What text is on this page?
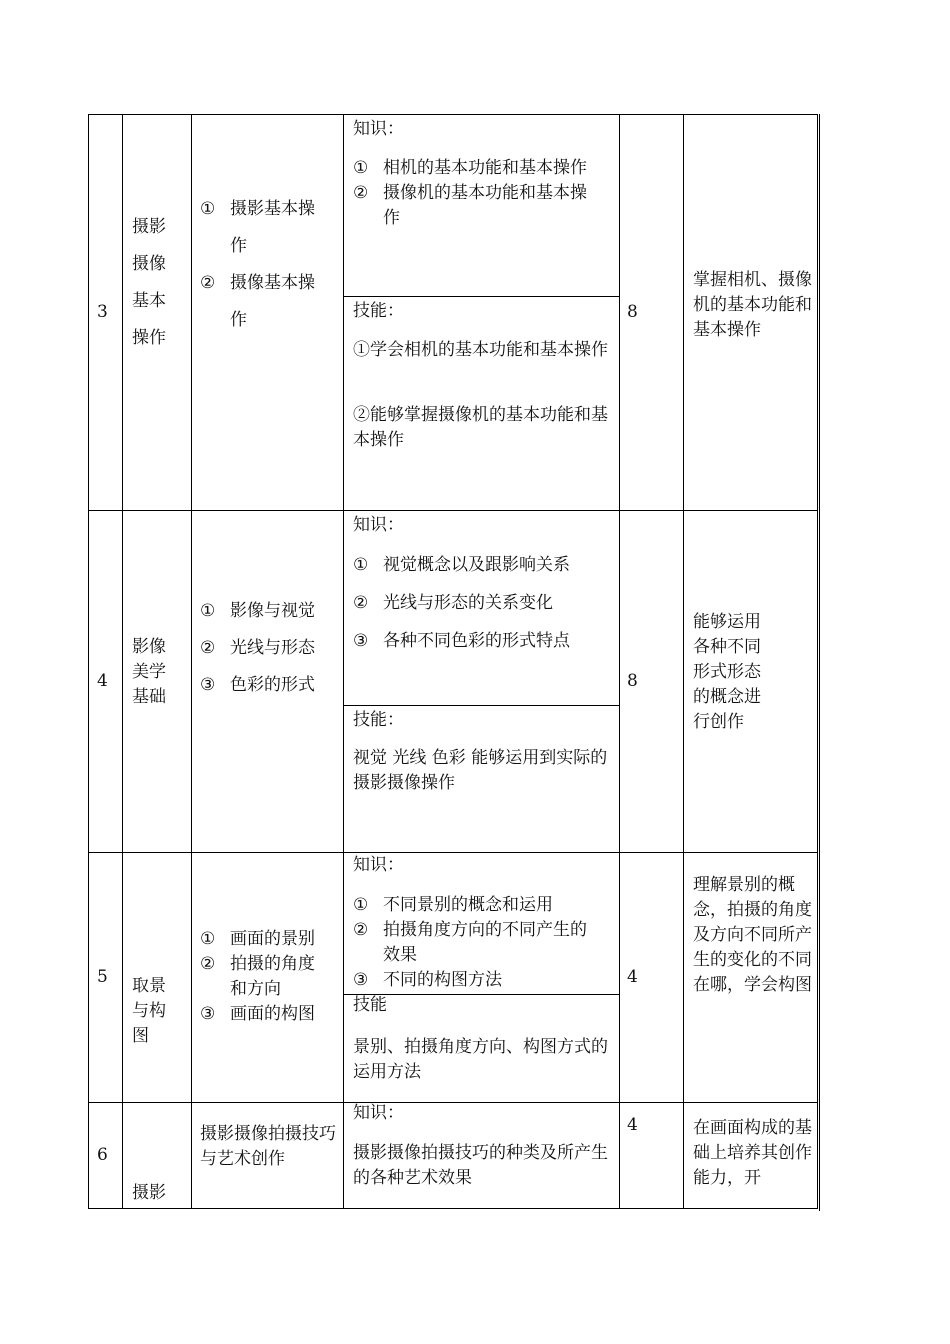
3
摄影
摄像
基本
操作
① 摄影基本操作
② 摄像基本操作
知识：
① 相机的基本功能和基本操作
② 摄像机的基本功能和基本操作
技能：
①学会相机的基本功能和基本操作
②能够掌握摄像机的基本功能和基本操作
8
掌握相机、摄像机的基本功能和基本操作
4
影像
美学
基础
① 影像与视觉
② 光线与形态
③ 色彩的形式
知识：
① 视觉概念以及跟影响关系
② 光线与形态的关系变化
③ 各种不同色彩的形式特点
技能：
视觉 光线 色彩 能够运用到实际的摄影摄像操作
8
能够运用
各种不同
形式形态
的概念进
行创作
5 取景
与构
图
① 画面的景别
② 拍摄的角度和方向
③ 画面的构图
知识：
① 不同景别的概念和运用
② 拍摄角度方向的不同产生的效果
③ 不同的构图方法
技能
景别、拍摄角度方向、构图方式的运用方法
4
理解景别的概念，拍摄的角度及方向不同所产生的变化的不同在哪，学会构图
6
摄影
摄影摄像拍摄技巧与艺术创作
知识：
摄影摄像拍摄技巧的种类及所产生的各种艺术效果
4	在画面构成的基础上培养其创作能力，开
